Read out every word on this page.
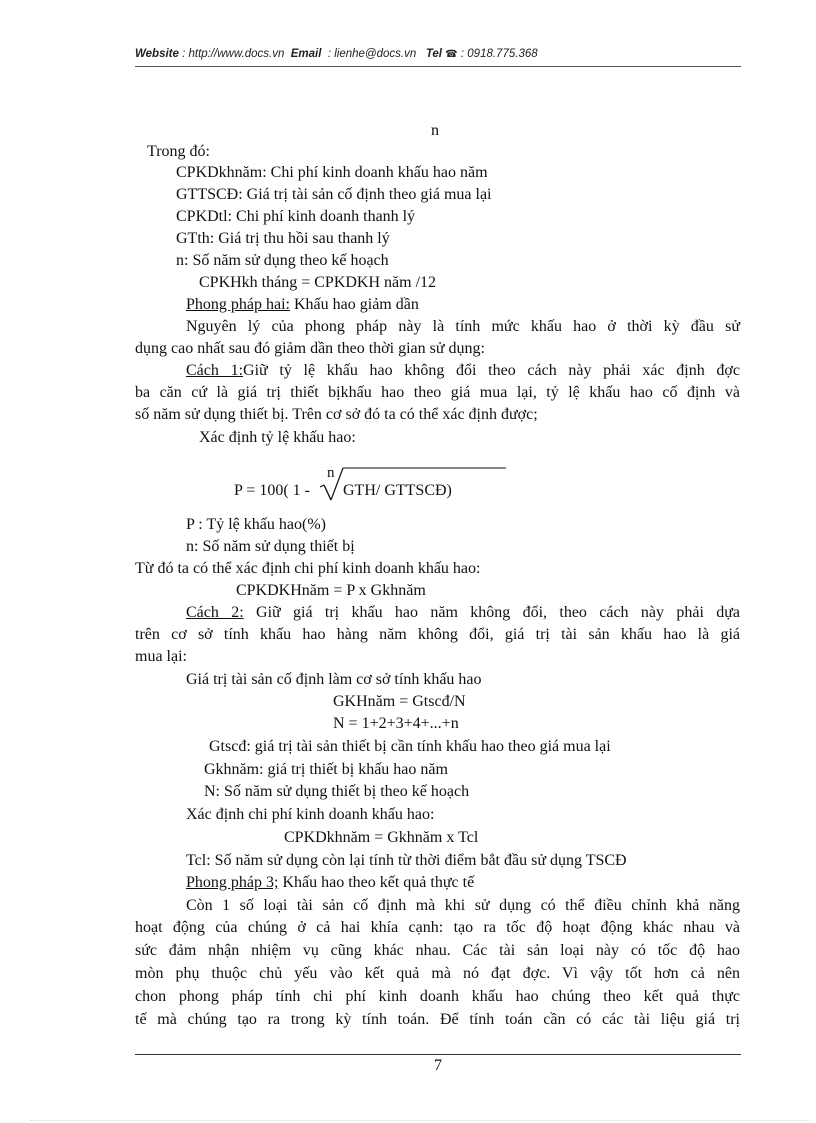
Website : http://www.docs.vn Email : lienhe@docs.vn Tel ☎ : 0918.775.368
n
Trong đó:
CPKDkhnăm: Chi phí kinh doanh khấu hao năm
GTTSCĐ: Giá trị tài sản cố định theo giá mua lại
CPKDtl: Chi phí kinh doanh thanh lý
GTth: Giá trị thu hồi sau thanh lý
n: Số năm sử dụng theo kế hoạch
CPKHkh tháng = CPKDKH năm /12
Phong pháp hai: Khấu hao giảm dần
Nguyên lý của phong pháp này là tính mức khấu hao ở thời kỳ đầu sử
dụng cao nhất sau đó giảm dần theo thời gian sử dụng:
Cách 1:Giữ tỷ lệ khấu hao không đổi theo cách này phải xác định đợc
ba căn cứ là giá trị thiết bịkhấu hao theo giá mua lại, tỷ lệ khấu hao cố định và
số năm sử dụng thiết bị. Trên cơ sở đó ta có thể xác định được;
Xác định tỷ lệ khấu hao:
n
P = 100( 1 - GTH/ GTTSCĐ)
P : Tỷ lệ khấu hao(%)
n: Số năm sử dụng thiết bị
Từ đó ta có thể xác định chi phí kinh doanh khấu hao:
CPKDKHnăm = P x Gkhnăm
Cách 2: Giữ giá trị khấu hao năm không đổi, theo cách này phải dựa
trên cơ sở tính khấu hao hàng năm không đổi, giá trị tài sản khấu hao là giá
mua lại:
Giá trị tài sản cố định làm cơ sở tính khấu hao
GKHnăm = Gtscđ/N
N = 1+2+3+4+...+n
Gtscđ: giá trị tài sản thiết bị cần tính khấu hao theo giá mua lại
Gkhnăm: giá trị thiết bị khấu hao năm
N: Số năm sử dụng thiết bị theo kế hoạch
Xác định chi phí kinh doanh khấu hao:
CPKDkhnăm = Gkhnăm x Tcl
Tcl: Số năm sử dụng còn lại tính từ thời điểm bắt đầu sử dụng TSCĐ
Phong pháp 3; Khấu hao theo kết quả thực tế
Còn 1 số loại tài sản cố định mà khi sử dụng có thể điều chỉnh khả năng
hoạt động của chúng ở cả hai khía cạnh: tạo ra tốc độ hoạt động khác nhau và
sức đảm nhận nhiệm vụ cũng khác nhau. Các tài sản loại này có tốc độ hao
mòn phụ thuộc chủ yếu vào kết quả mà nó đạt đợc. Vì vậy tốt hơn cả nên
chon phong pháp tính chi phí kinh doanh khấu hao chúng theo kết quả thực
tế mà chúng tạo ra trong kỳ tính toán. Để tính toán cần có các tài liệu giá trị
7
